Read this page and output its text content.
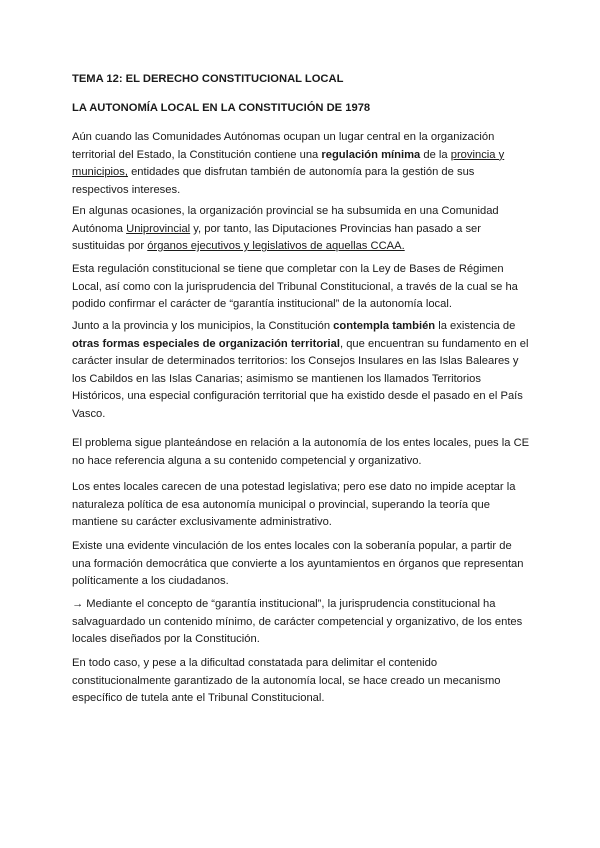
TEMA 12: EL DERECHO CONSTITUCIONAL LOCAL
LA AUTONOMÍA LOCAL EN LA CONSTITUCIÓN DE 1978

Aún cuando las Comunidades Autónomas ocupan un lugar central en la organización territorial del Estado, la Constitución contiene una regulación mínima de la provincia y municipios, entidades que disfrutan también de autonomía para la gestión de sus respectivos intereses.

En algunas ocasiones, la organización provincial se ha subsumida en una Comunidad Autónoma Uniprovincial y, por tanto, las Diputaciones Provincias han pasado a ser sustituidas por órganos ejecutivos y legislativos de aquellas CCAA.

Esta regulación constitucional se tiene que completar con la Ley de Bases de Régimen Local, así como con la jurisprudencia del Tribunal Constitucional, a través de la cual se ha podido confirmar el carácter de “garantía institucional” de la autonomía local.

Junto a la provincia y los municipios, la Constitución contempla también la existencia de otras formas especiales de organización territorial, que encuentran su fundamento en el carácter insular de determinados territorios: los Consejos Insulares en las Islas Baleares y los Cabildos en las Islas Canarias; asimismo se mantienen los llamados Territorios Históricos, una especial configuración territorial que ha existido desde el pasado en el País Vasco.

El problema sigue planteándose en relación a la autonomía de los entes locales, pues la CE no hace referencia alguna a su contenido competencial y organizativo.

Los entes locales carecen de una potestad legislativa; pero ese dato no impide aceptar la naturaleza política de esa autonomía municipal o provincial, superando la teoría que mantiene su carácter exclusivamente administrativo.

Existe una evidente vinculación de los entes locales con la soberanía popular, a partir de una formación democrática que convierte a los ayuntamientos en órganos que representan políticamente a los ciudadanos.

→ Mediante el concepto de “garantía institucional”, la jurisprudencia constitucional ha salvaguardado un contenido mínimo, de carácter competencial y organizativo, de los entes locales diseñados por la Constitución.

En todo caso, y pese a la dificultad constatada para delimitar el contenido constitucionalmente garantizado de la autonomía local, se hace creado un mecanismo específico de tutela ante el Tribunal Constitucional.
